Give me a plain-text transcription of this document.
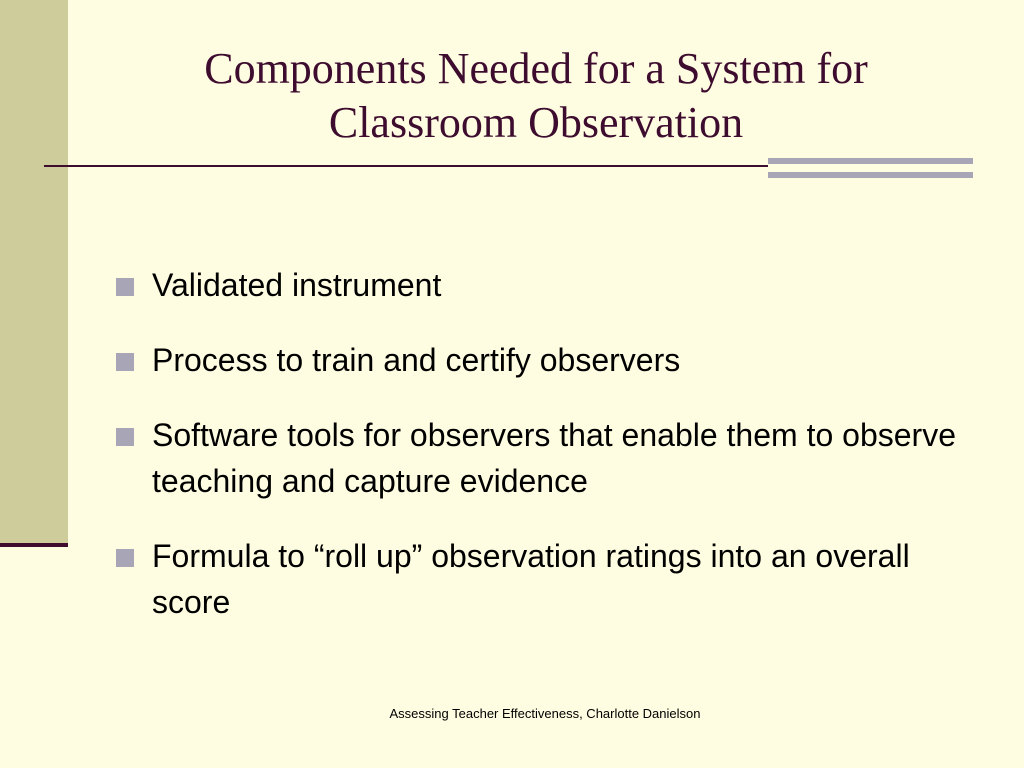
Components Needed for a System for
Classroom Observation
Validated instrument
Process to train and certify observers
Software tools for observers that enable them to observe teaching and capture evidence
Formula to “roll up” observation ratings into an overall score
Assessing Teacher Effectiveness, Charlotte Danielson
